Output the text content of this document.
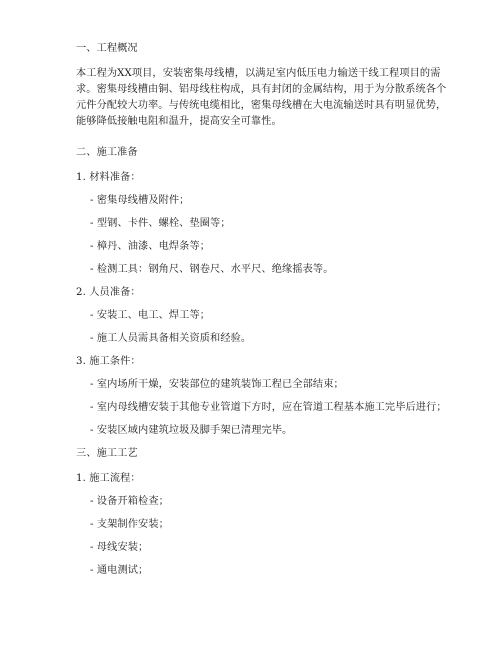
一、工程概况
本工程为XX项目，安装密集母线槽，以满足室内低压电力输送干线工程项目的需
求。密集母线槽由铜、铝母线柱构成，具有封闭的金属结构，用于为分散系统各个
元件分配较大功率。与传统电缆相比，密集母线槽在大电流输送时具有明显优势，
能够降低接触电阻和温升，提高安全可靠性。
二、施工准备
1. 材料准备：
- 密集母线槽及附件；
- 型钢、卡件、螺栓、垫圈等；
- 樟丹、油漆、电焊条等；
- 检测工具：钢角尺、钢卷尺、水平尺、绝缘摇表等。
2. 人员准备：
- 安装工、电工、焊工等；
- 施工人员需具备相关资质和经验。
3. 施工条件：
- 室内场所干燥，安装部位的建筑装饰工程已全部结束；
- 室内母线槽安装于其他专业管道下方时，应在管道工程基本施工完毕后进行；
- 安装区域内建筑垃圾及脚手架已清理完毕。
三、施工工艺
1. 施工流程：
- 设备开箱检查；
- 支架制作安装；
- 母线安装；
- 通电测试；
